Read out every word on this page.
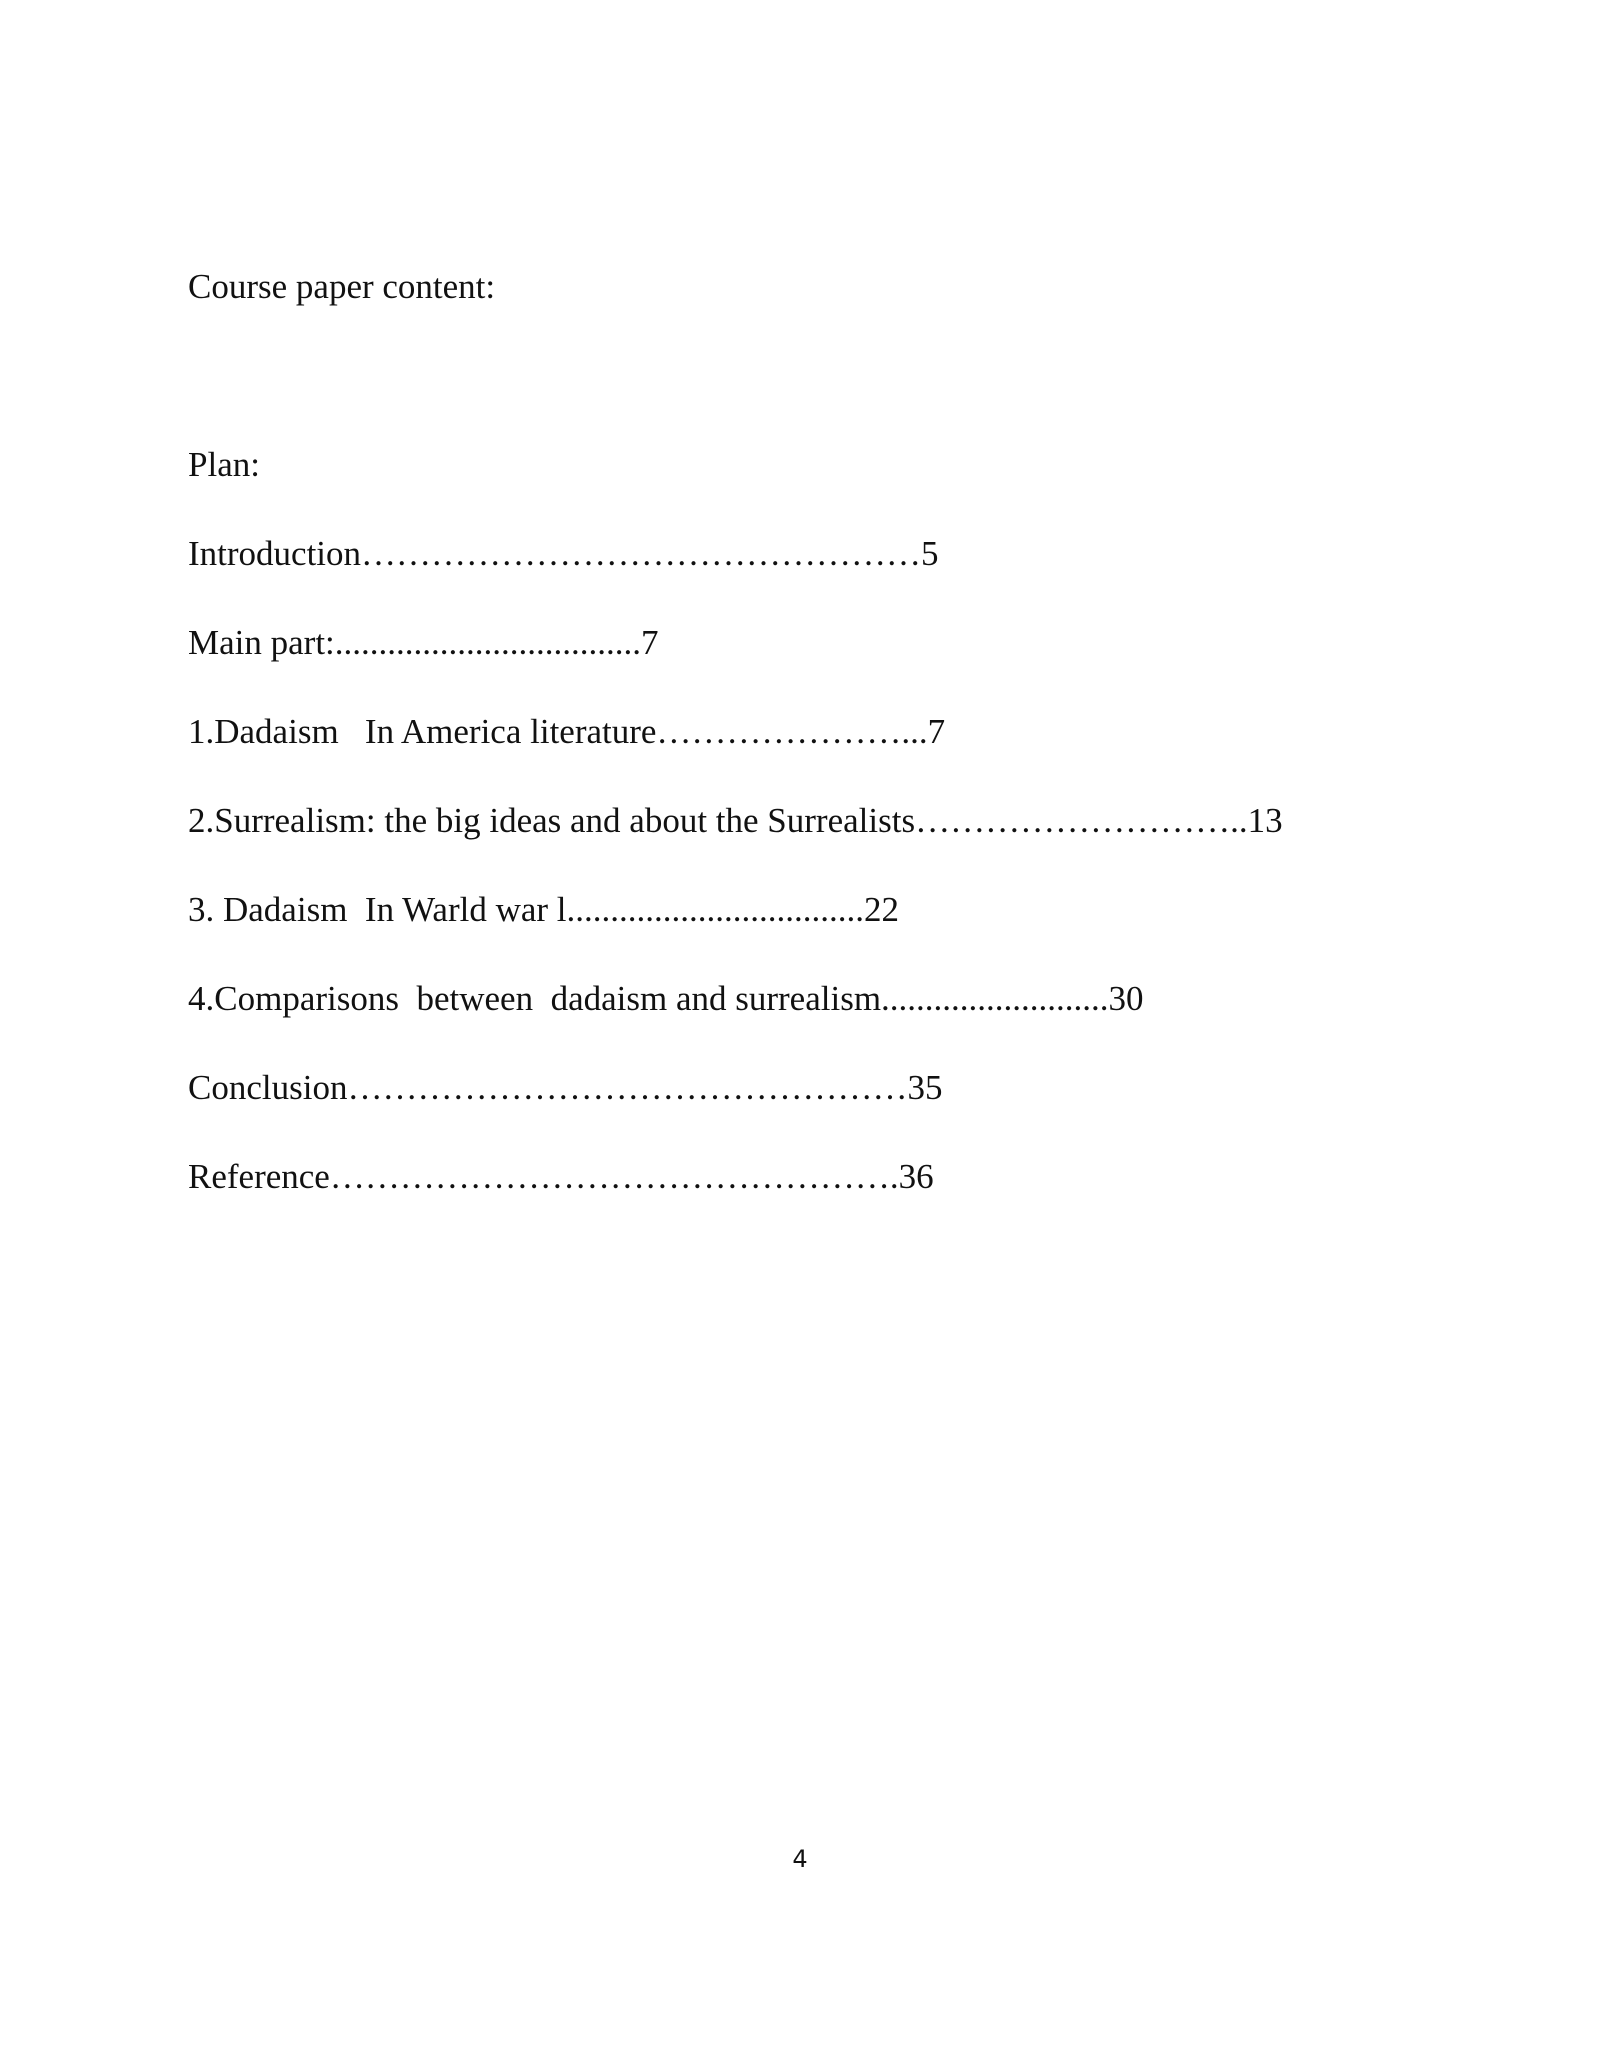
Course paper content:
Plan:
Introduction…………………………………………5
Main part:...................................7
1.Dadaism   In America literature…………………...7
2.Surrealism: the big ideas and about the Surrealists………………………..13
3. Dadaism  In Warld war l..................................22
4.Comparisons  between  dadaism and surrealism..........................30
Conclusion…………………………………………35
Reference………………………………………….36
4
